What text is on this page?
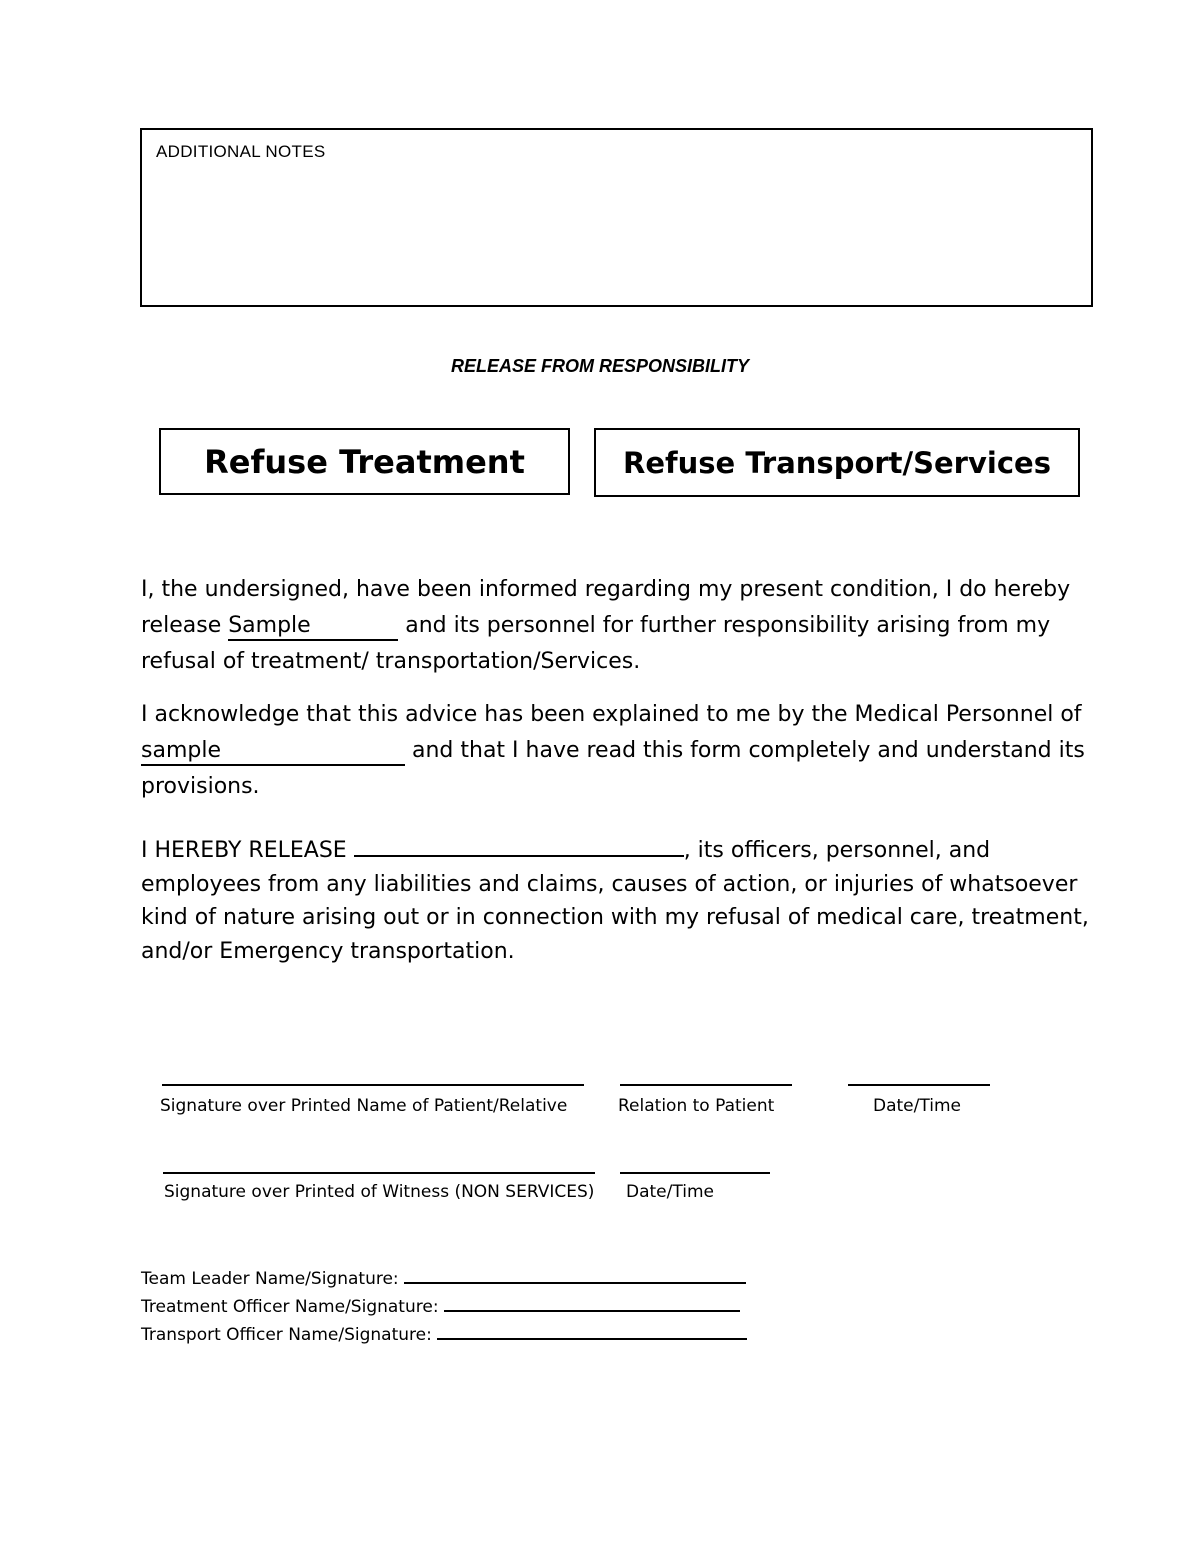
ADDITIONAL NOTES
RELEASE FROM RESPONSIBILITY
Refuse Treatment	Refuse Transport/Services
I, the undersigned, have been informed regarding my present condition, I do hereby release Sample	and its personnel for further responsibility arising from my refusal of treatment/ transportation/Services.
I acknowledge that this advice has been explained to me by the Medical Personnel of sample	and that I have read this form completely and understand its provisions.
I HEREBY RELEASE	, its officers, personnel, and employees from any liabilities and claims, causes of action, or injuries of whatsoever kind of nature arising out or in connection with my refusal of medical care, treatment, and/or Emergency transportation.
Signature over Printed Name of Patient/Relative	Relation to Patient	Date/Time
Signature over Printed of Witness (NON SERVICES) Date/Time
Team Leader Name/Signature:
Treatment Officer Name/Signature:
Transport Officer Name/Signature:
